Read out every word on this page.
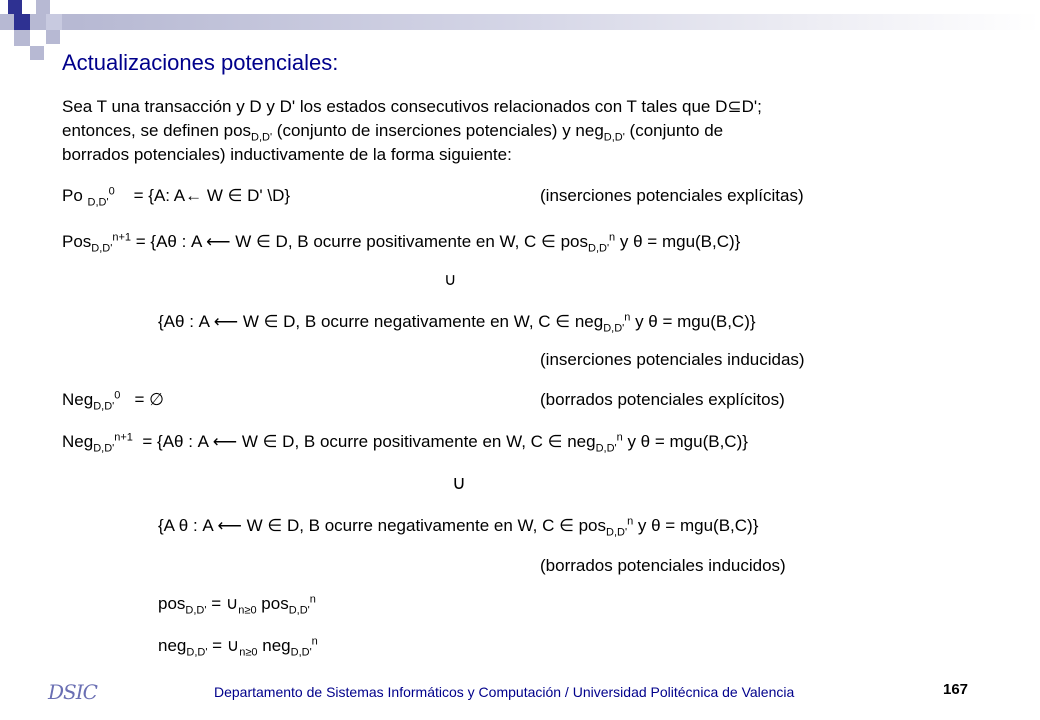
Actualizaciones potenciales:

Sea T una transacción y D y D' los estados consecutivos relacionados con T tales que D⊆D';
entonces, se definen pos$_{D,D'}$ (conjunto de inserciones potenciales) y neg$_{D,D'}$ (conjunto de
borrados potenciales) inductivamente de la forma siguiente:

Po $_{D,D'}^0$ = {A: A← W ∈ D' \D}	(inserciones potenciales explícitas)
Pos$_{D,D'}^{n+1}$ = {Aθ : A ⟵ W ∈ D, B ocurre positivamente en W, C ∈ pos$_{D,D'}^n$ y θ = mgu(B,C)}
∪
{Aθ : A ⟵ W ∈ D, B ocurre negativamente en W, C ∈ neg$_{D,D'}^n$ y θ = mgu(B,C)}
(inserciones potenciales inducidas)
Neg$_{D,D'}^0$ = ∅	(borrados potenciales explícitos)
Neg$_{D,D'}^{n+1}$ = {Aθ : A ⟵ W ∈ D, B ocurre positivamente en W, C ∈ neg$_{D,D'}^n$ y θ = mgu(B,C)}
∪
{A θ : A ⟵ W ∈ D, B ocurre negativamente en W, C ∈ pos$_{D,D'}^n$ y θ = mgu(B,C)}
(borrados potenciales inducidos)
$pos_{D,D'} = \cup_{n\ge 0}$ pos$_{D,D'}^n$
$neg_{D,D'} = \cup_{n\ge 0}$ neg$_{D,D'}^n$
DSIC	Departamento de Sistemas Informáticos y Computación / Universidad Politécnica de Valencia	167
